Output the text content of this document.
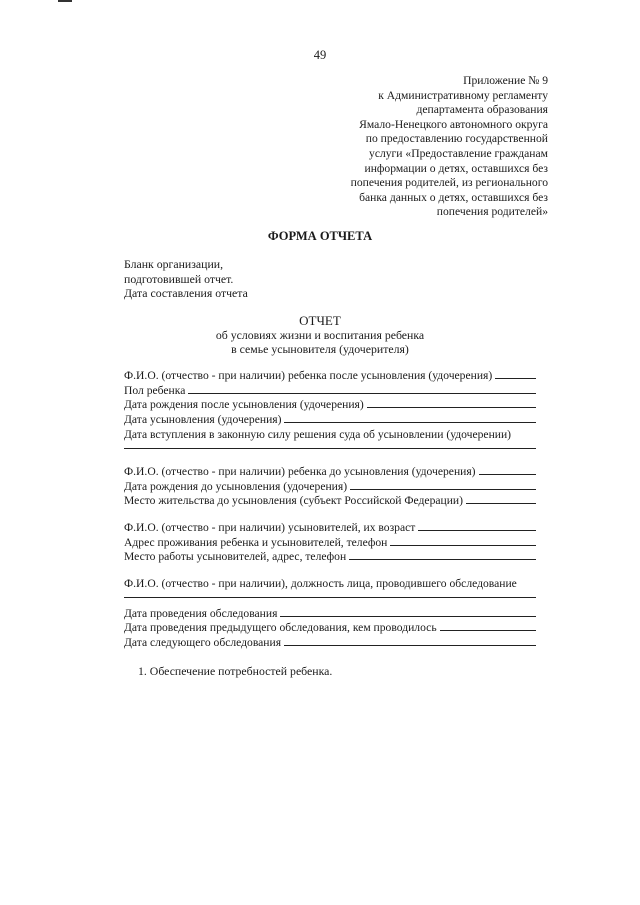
49
Приложение № 9
к Административному регламенту
департамента образования
Ямало-Ненецкого автономного округа
по предоставлению государственной
услуги «Предоставление гражданам
информации о детях, оставшихся без
попечения родителей, из регионального
банка данных о детях, оставшихся без
попечения родителей»
ФОРМА ОТЧЕТА
Бланк организации,
подготовившей отчет.
Дата составления отчета
ОТЧЕТ
об условиях жизни и воспитания ребенка
в семье усыновителя (удочерителя)
Ф.И.О. (отчество - при наличии) ребенка после усыновления (удочерения)
Пол ребенка
Дата рождения после усыновления (удочерения)
Дата усыновления (удочерения)
Дата вступления в законную силу решения суда об усыновлении (удочерении)
Ф.И.О. (отчество - при наличии) ребенка до усыновления (удочерения)
Дата рождения до усыновления (удочерения)
Место жительства до усыновления (субъект Российской Федерации)
Ф.И.О. (отчество - при наличии) усыновителей, их возраст
Адрес проживания ребенка и усыновителей, телефон
Место работы усыновителей, адрес, телефон
Ф.И.О. (отчество - при наличии), должность лица, проводившего обследование
Дата проведения обследования
Дата проведения предыдущего обследования, кем проводилось
Дата следующего обследования
1. Обеспечение потребностей ребенка.
